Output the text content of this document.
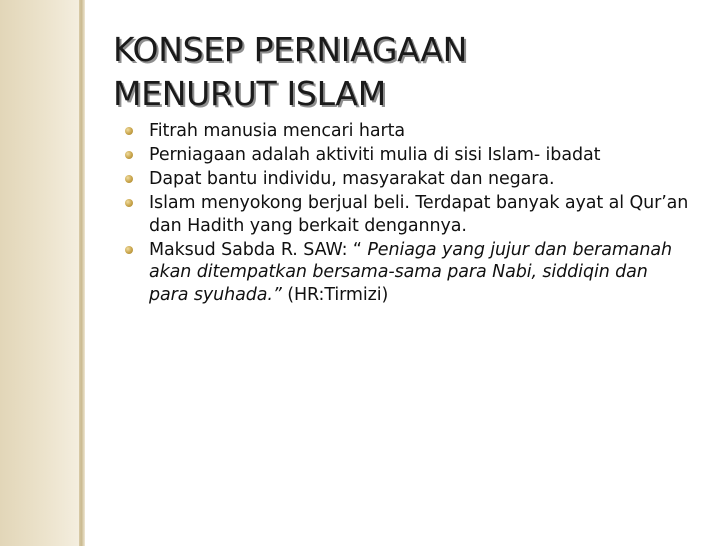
KONSEP PERNIAGAAN
MENURUT ISLAM
Fitrah manusia mencari harta
Perniagaan adalah aktiviti mulia di sisi Islam- ibadat
Dapat bantu individu, masyarakat dan negara.
Islam menyokong berjual beli. Terdapat banyak ayat al Qur’an dan Hadith yang berkait dengannya.
Maksud Sabda R. SAW: “ Peniaga yang jujur dan beramanah akan ditempatkan bersama-sama para Nabi, siddiqin dan para syuhada.” (HR:Tirmizi)
